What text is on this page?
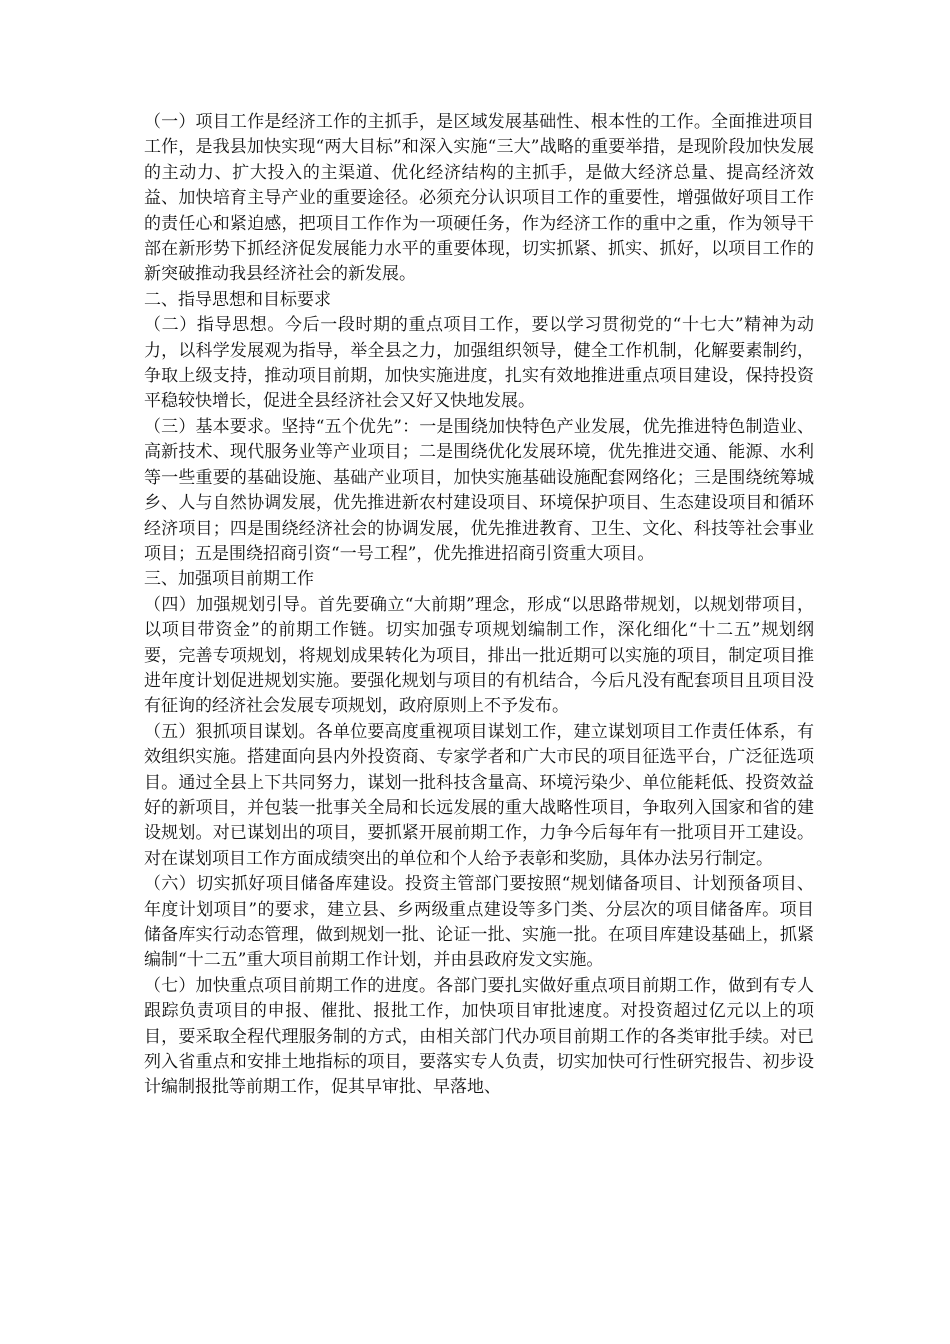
（一）项目工作是经济工作的主抓手，是区域发展基础性、根本性的工作。全面推进项目工作，是我县加快实现“两大目标”和深入实施“三大”战略的重要举措，是现阶段加快发展的主动力、扩大投入的主渠道、优化经济结构的主抓手，是做大经济总量、提高经济效益、加快培育主导产业的重要途径。必须充分认识项目工作的重要性，增强做好项目工作的责任心和紧迫感，把项目工作作为一项硬任务，作为经济工作的重中之重，作为领导干部在新形势下抓经济促发展能力水平的重要体现，切实抓紧、抓实、抓好，以项目工作的新突破推动我县经济社会的新发展。

二、指导思想和目标要求

（二）指导思想。今后一段时期的重点项目工作，要以学习贯彻党的“十七大”精神为动力，以科学发展观为指导，举全县之力，加强组织领导，健全工作机制，化解要素制约，争取上级支持，推动项目前期，加快实施进度，扎实有效地推进重点项目建设，保持投资平稳较快增长，促进全县经济社会又好又快地发展。

（三）基本要求。坚持“五个优先”：一是围绕加快特色产业发展，优先推进特色制造业、高新技术、现代服务业等产业项目；二是围绕优化发展环境，优先推进交通、能源、水利等一些重要的基础设施、基础产业项目，加快实施基础设施配套网络化；三是围绕统筹城乡、人与自然协调发展，优先推进新农村建设项目、环境保护项目、生态建设项目和循环经济项目；四是围绕经济社会的协调发展，优先推进教育、卫生、文化、科技等社会事业项目；五是围绕招商引资“一号工程”，优先推进招商引资重大项目。

三、加强项目前期工作

（四）加强规划引导。首先要确立“大前期”理念，形成“以思路带规划，以规划带项目，以项目带资金”的前期工作链。切实加强专项规划编制工作，深化细化“十二五”规划纲要，完善专项规划，将规划成果转化为项目，排出一批近期可以实施的项目，制定项目推进年度计划促进规划实施。要强化规划与项目的有机结合，今后凡没有配套项目且项目没有征询的经济社会发展专项规划，政府原则上不予发布。

（五）狠抓项目谋划。各单位要高度重视项目谋划工作，建立谋划项目工作责任体系，有效组织实施。搭建面向县内外投资商、专家学者和广大市民的项目征选平台，广泛征选项目。通过全县上下共同努力，谋划一批科技含量高、环境污染少、单位能耗低、投资效益好的新项目，并包装一批事关全局和长远发展的重大战略性项目，争取列入国家和省的建设规划。对已谋划出的项目，要抓紧开展前期工作，力争今后每年有一批项目开工建设。对在谋划项目工作方面成绩突出的单位和个人给予表彰和奖励，具体办法另行制定。

（六）切实抓好项目储备库建设。投资主管部门要按照“规划储备项目、计划预备项目、年度计划项目”的要求，建立县、乡两级重点建设等多门类、分层次的项目储备库。项目储备库实行动态管理，做到规划一批、论证一批、实施一批。在项目库建设基础上，抓紧编制“十二五”重大项目前期工作计划，并由县政府发文实施。

（七）加快重点项目前期工作的进度。各部门要扎实做好重点项目前期工作，做到有专人跟踪负责项目的申报、催批、报批工作，加快项目审批速度。对投资超过亿元以上的项目，要采取全程代理服务制的方式，由相关部门代办项目前期工作的各类审批手续。对已列入省重点和安排土地指标的项目，要落实专人负责，切实加快可行性研究报告、初步设计编制报批等前期工作，促其早审批、早落地、
